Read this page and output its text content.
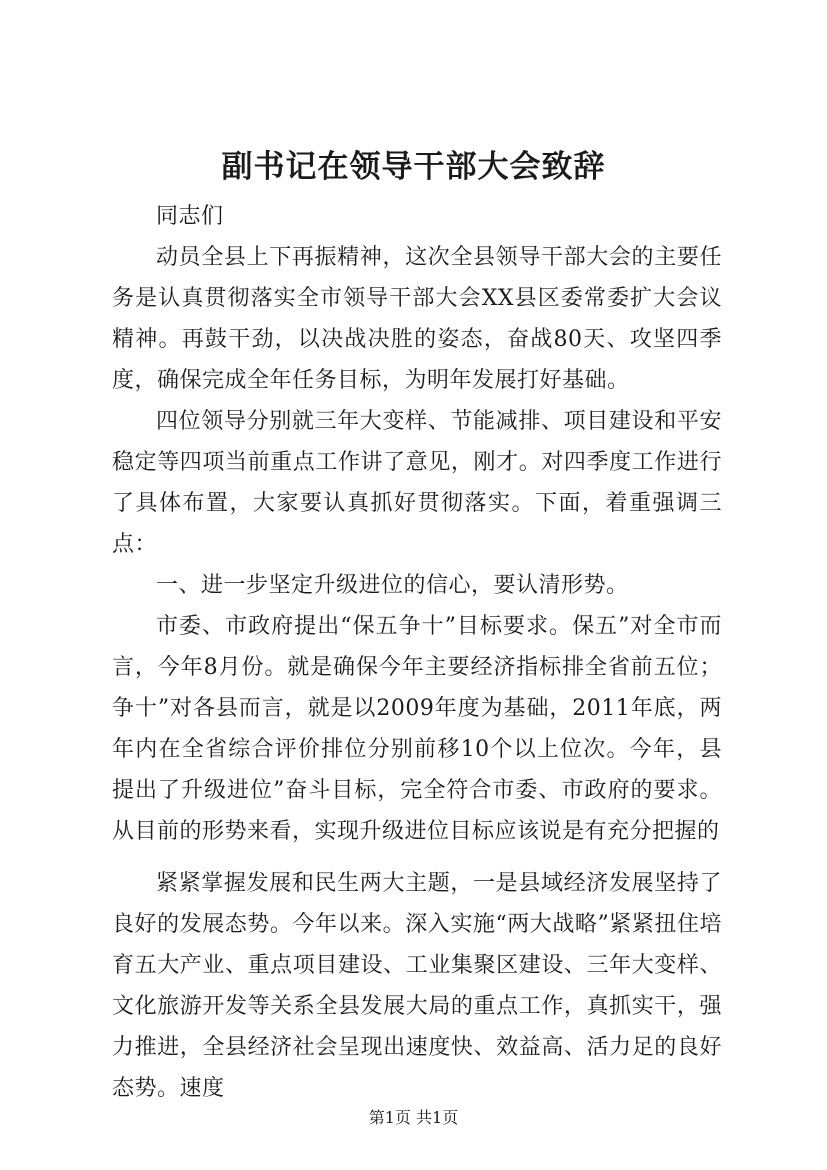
副书记在领导干部大会致辞

同志们

动员全县上下再振精神，这次全县领导干部大会的主要任务是认真贯彻落实全市领导干部大会XX县区委常委扩大会议精神。再鼓干劲，以决战决胜的姿态，奋战80天、攻坚四季度，确保完成全年任务目标，为明年发展打好基础。

四位领导分别就三年大变样、节能减排、项目建设和平安稳定等四项当前重点工作讲了意见，刚才。对四季度工作进行了具体布置，大家要认真抓好贯彻落实。下面，着重强调三点：

一、进一步坚定升级进位的信心，要认清形势。

市委、市政府提出“保五争十”目标要求。保五”对全市而言，今年8月份。就是确保今年主要经济指标排全省前五位；争十”对各县而言，就是以2009年度为基础，2011年底，两年内在全省综合评价排位分别前移10个以上位次。今年，县提出了升级进位”奋斗目标，完全符合市委、市政府的要求。从目前的形势来看，实现升级进位目标应该说是有充分把握的

紧紧掌握发展和民生两大主题，一是县域经济发展坚持了良好的发展态势。今年以来。深入实施“两大战略”紧紧扭住培育五大产业、重点项目建设、工业集聚区建设、三年大变样、文化旅游开发等关系全县发展大局的重点工作，真抓实干，强力推进，全县经济社会呈现出速度快、效益高、活力足的良好态势。速度

第1页 共1页
